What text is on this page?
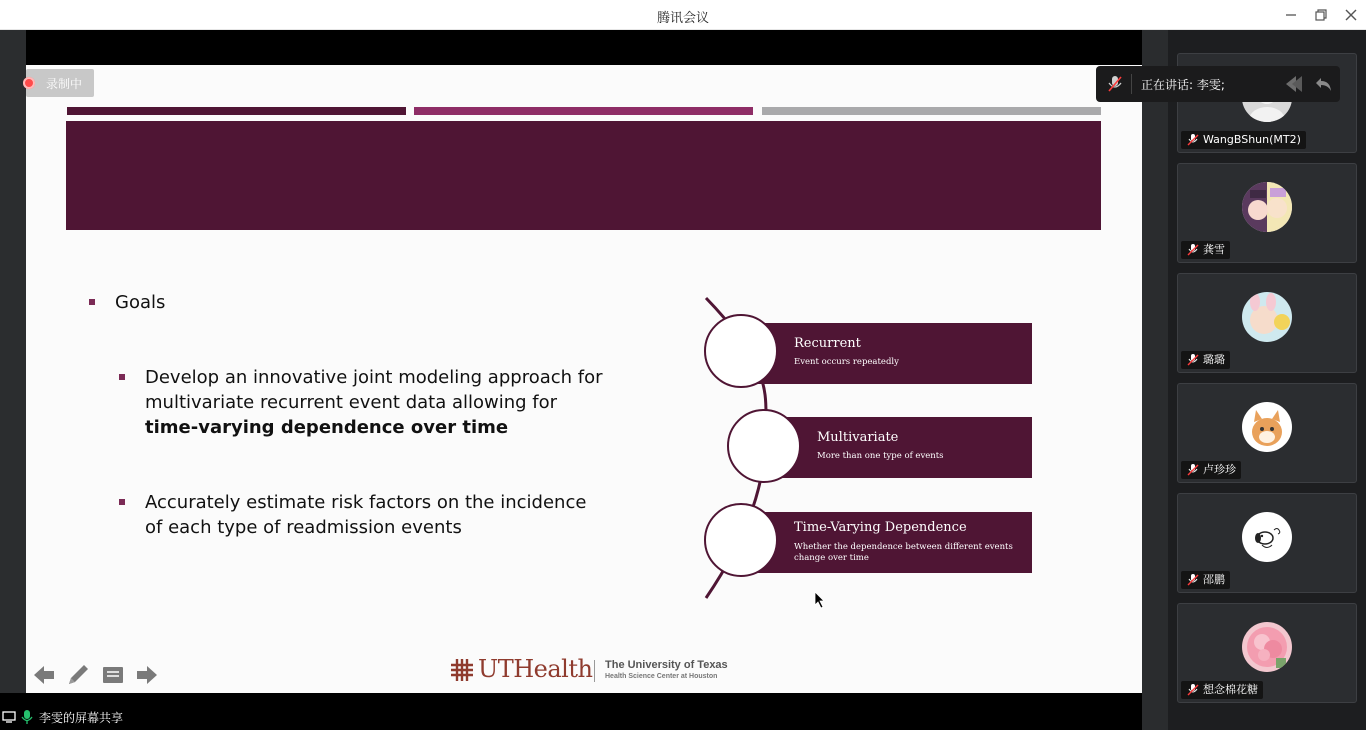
腾讯会议
Goals
Develop an innovative joint modeling approach for
multivariate recurrent event data allowing for
time-varying dependence over time
Accurately estimate risk factors on the incidence
of each type of readmission events
Recurrent
Event occurs repeatedly
Multivariate
More than one type of events
Time-Varying Dependence
Whether the dependence between different events change over time
UTHealth The University of Texas
Health Science Center at Houston
录制中
李雯的屏幕共享
WangBShun(MT2)
龚雪
璐璐
卢珍珍
邵鹏
想念棉花糖
正在讲话: 李雯;
